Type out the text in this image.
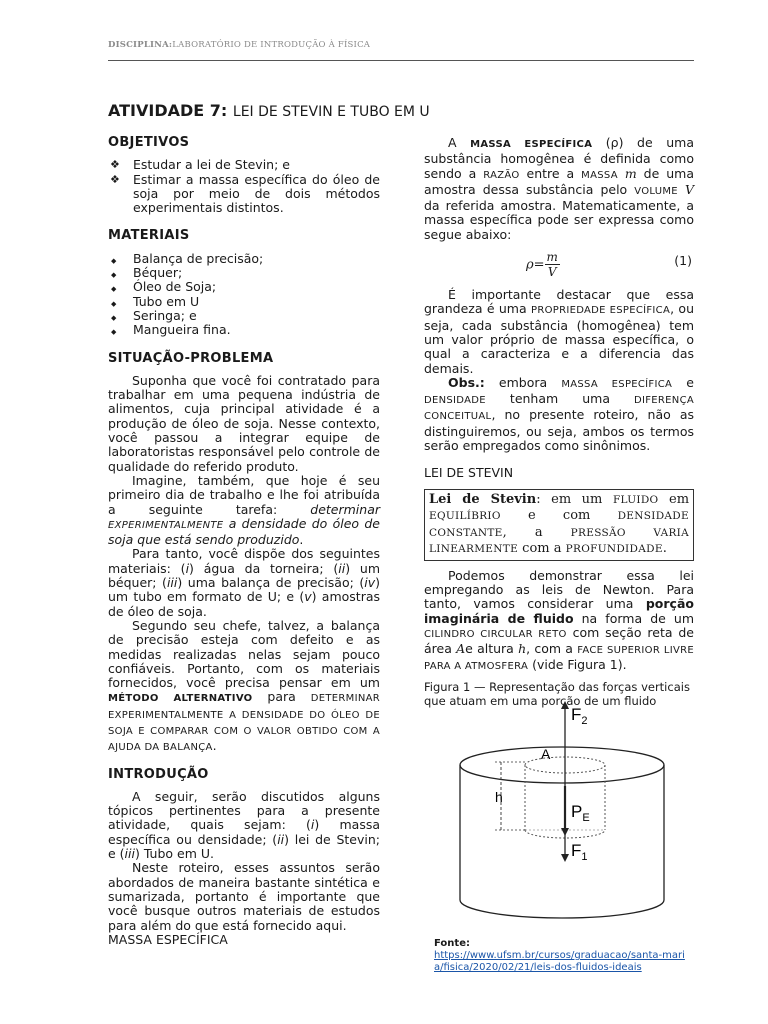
DISCIPLINA:LABORATÓRIO DE INTRODUÇÃO À FÍSICA
ATIVIDADE 7: LEI DE STEVIN E TUBO EM U
OBJETIVOS
❖ Estudar a lei de Stevin; e
❖ Estimar a massa específica do óleo de soja por meio de dois métodos experimentais distintos.
MATERIAIS
◆ Balança de precisão;
◆ Béquer;
◆ Óleo de Soja;
◆ Tubo em U
◆ Seringa; e
◆ Mangueira fina.
SITUAÇÃO-PROBLEMA

Suponha que você foi contratado para trabalhar em uma pequena indústria de alimentos, cuja principal atividade é a produção de óleo de soja. Nesse contexto, você passou a integrar equipe de laboratoristas responsável pelo controle de qualidade do referido produto.

Imagine, também, que hoje é seu primeiro dia de trabalho e lhe foi atribuída a seguinte tarefa: determinar EXPERIMENTALMENTE a densidade do óleo de soja que está sendo produzido.

Para tanto, você dispõe dos seguintes materiais: (i) água da torneira; (ii) um béquer; (iii) uma balança de precisão; (iv) um tubo em formato de U; e (v) amostras de óleo de soja.

Segundo seu chefe, talvez, a balança de precisão esteja com defeito e as medidas realizadas nelas sejam pouco confiáveis. Portanto, com os materiais fornecidos, você precisa pensar em um MÉTODO ALTERNATIVO para DETERMINAR EXPERIMENTALMENTE A DENSIDADE DO ÓLEO DE SOJA E COMPARAR COM O VALOR OBTIDO COM A AJUDA DA BALANÇA.

INTRODUÇÃO

A seguir, serão discutidos alguns tópicos pertinentes para a presente atividade, quais sejam: (i) massa específica ou densidade; (ii) lei de Stevin; e (iii) Tubo em U.

Neste roteiro, esses assuntos serão abordados de maneira bastante sintética e sumarizada, portanto é importante que você busque outros materiais de estudos para além do que está fornecido aqui.

MASSA ESPECÍFICA

A MASSA ESPECÍFICA (ρ) de uma substância homogênea é definida como sendo a RAZÃO entre a MASSA m de uma amostra dessa substância pelo VOLUME V da referida amostra. Matematicamente, a massa específica pode ser expressa como segue abaixo:

$\rho= \frac{m}{V}$	(1)

É importante destacar que essa grandeza é uma PROPRIEDADE ESPECÍFICA, ou seja, cada substância (homogênea) tem um valor próprio de massa específica, o qual a caracteriza e a diferencia das demais.

Obs.: embora MASSA ESPECÍFICA e DENSIDADE tenham uma DIFERENÇA CONCEITUAL, no presente roteiro, não as distinguiremos, ou seja, ambos os termos serão empregados como sinônimos.

LEI DE STEVIN
Lei de Stevin: em um FLUIDO em EQUILÍBRIO e com DENSIDADE CONSTANTE, a PRESSÃO VARIA LINEARMENTE com a PROFUNDIDADE.

Podemos demonstrar essa lei empregando as leis de Newton. Para tanto, vamos considerar uma porção imaginária de fluido na forma de um CILINDRO CIRCULAR RETO com seção reta de área Ae altura h, com a FACE SUPERIOR LIVRE PARA A ATMOSFERA (vide Figura 1).

Figura 1 — Representação das forças verticais que atuam em uma porção de um fluido
h
A
$F_2$
$P_E$
$F_1$
Fonte:
https://www.ufsm.br/cursos/graduacao/santa-maria/fisica/2020/02/21/leis-dos-fluidos-ideais
